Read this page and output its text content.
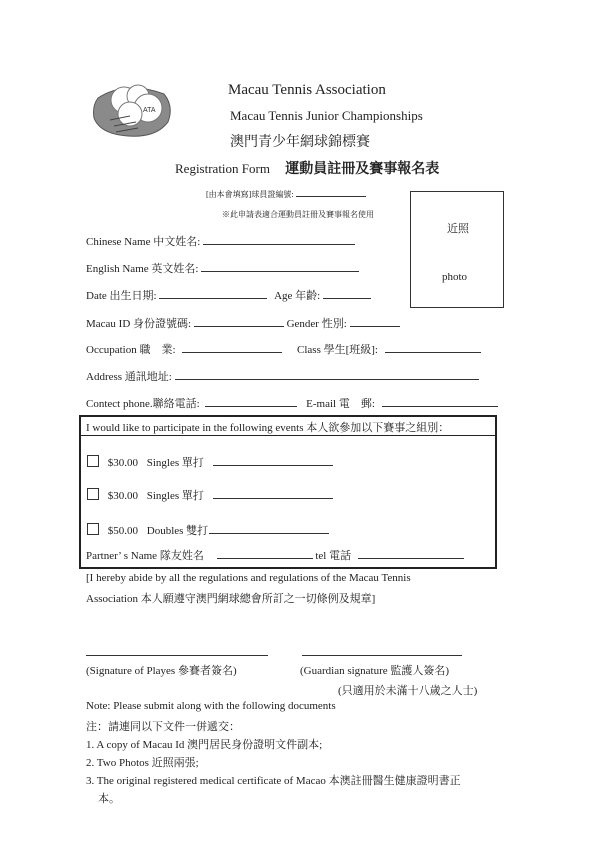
ATA
Macau Tennis Association
Macau Tennis Junior Championships
澳門青少年網球錦標賽
Registration Form 運動員註冊及賽事報名表
[由本會填寫]球員證編號:
※此申請表適合運動員註冊及賽事報名使用
近照
photo
Chinese Name 中文姓名:
English Name 英文姓名:
Date 出生日期:	Age 年齡:
Macau ID 身份證號碼:	Gender 性別:
Occupation 職　業:	Class 學生[班級]:
Address 通訊地址:
Contect phone.聯絡電話:	E-mail 電　郵:
I would like to participate in the following events 本人欲參加以下賽事之組別：
$30.00 Singles 單打
$30.00 Singles 單打
$50.00 Doubles 雙打
Partner’ s Name 隊友姓名	tel 電話
[I hereby abide by all the regulations and regulations of the Macau Tennis
Association 本人願遵守澳門網球總會所訂之一切條例及規章]
(Signature of Playes 參賽者簽名)	(Guardian signature 監護人簽名)
(只適用於未滿十八歲之人士)
Note: Please submit along with the following documents
注：請連同以下文件一併遞交：
1. A copy of Macau Id 澳門居民身份證明文件副本;
2. Two Photos 近照兩張;
3. The original registered medical certificate of Macao 本澳註冊醫生健康證明書正
本。
